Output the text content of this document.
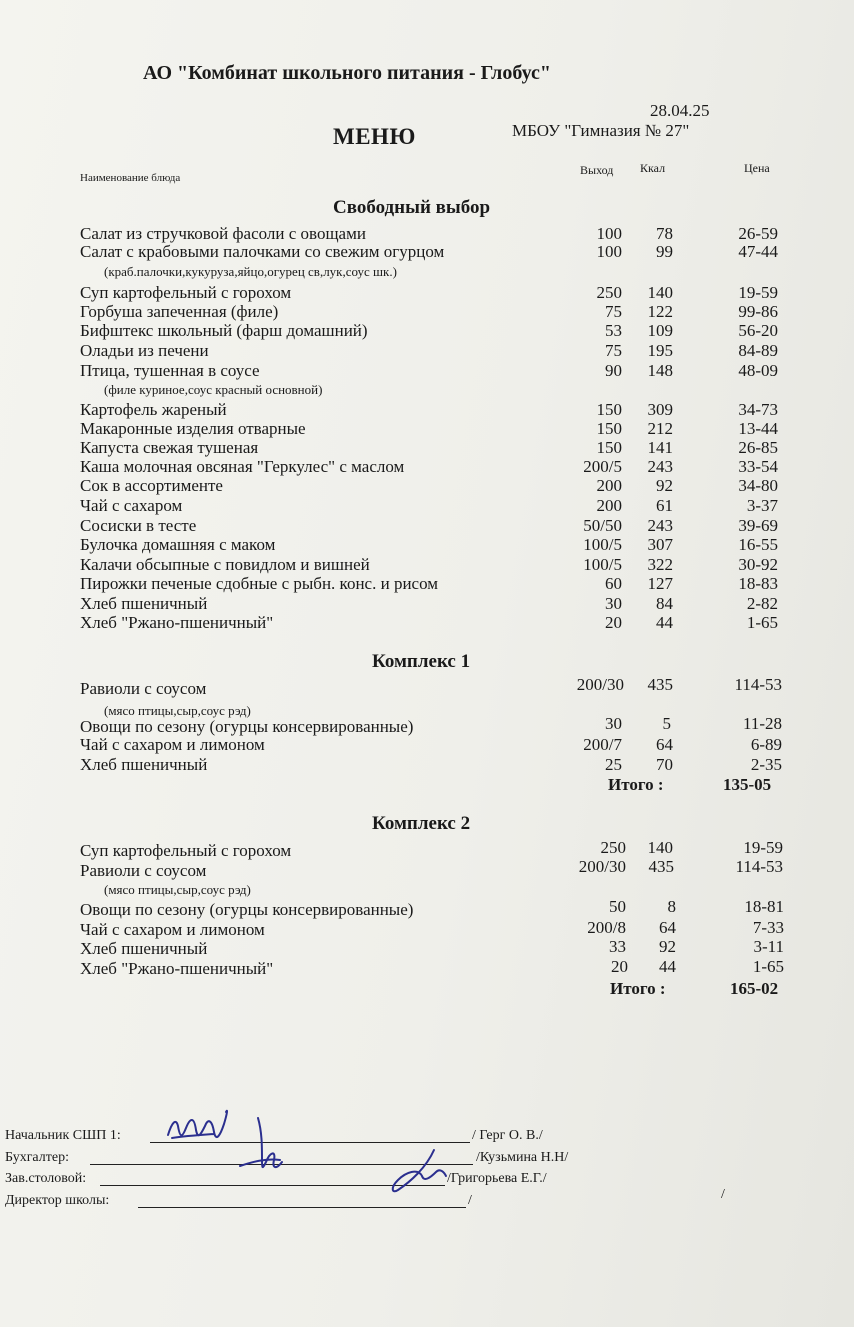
АО "Комбинат школьного питания - Глобус"
28.04.25
МЕНЮ	МБОУ "Гимназия № 27"
Наименование блюда
Выход Ккал	Цена
Свободный выбор
Салат из стручковой фасоли с овощами	100 78	26-59
Салат с крабовыми палочками со свежим огурцом	100 99	47-44
(краб.палочки,кукуруза,яйцо,огурец св,лук,соус шк.)
Суп картофельный с горохом	250 140	19-59
Горбуша запеченная (филе)	75 122	99-86
Бифштекс школьный (фарш домашний)	53 109	56-20
Оладьи из печени	75 195	84-89
Птица, тушенная в соусе	90 148	48-09
(филе куриное,соус красный основной)
Картофель жареный	150 309	34-73
Макаронные изделия отварные	150 212	13-44
Капуста свежая тушеная	150 141	26-85
Каша молочная овсяная "Геркулес" с маслом	200/5 243	33-54
Сок в ассортименте	200 92	34-80
Чай с сахаром	200 61	3-37
Сосиски в тесте	50/50 243	39-69
Булочка домашняя с маком	100/5 307	16-55
Калачи обсыпные с повидлом и вишней	100/5 322	30-92
Пирожки печеные сдобные с рыбн. конс. и рисом	60 127	18-83
Хлеб пшеничный	30 84	2-82
Хлеб "Ржано-пшеничный"	20 44	1-65
Комплекс 1
Равиоли с соусом	200/30 435	114-53
(мясо птицы,сыр,соус рэд)
Овощи по сезону (огурцы консервированные)	30 5	11-28
Чай с сахаром и лимоном	200/7 64	6-89
Хлеб пшеничный	25 70	2-35
Итого :	135-05
Комплекс 2
Суп картофельный с горохом	250 140	19-59
Равиоли с соусом	200/30 435	114-53
(мясо птицы,сыр,соус рэд)
Овощи по сезону (огурцы консервированные)	50 8	18-81
Чай с сахаром и лимоном	200/8 64	7-33
Хлеб пшеничный	33 92	3-11
Хлеб "Ржано-пшеничный"	20 44	1-65
Итого :	165-02
Начальник СШП 1:	/ Герг О. В./
Бухгалтер:	/Кузьмина Н.Н/
Зав.столовой:	/Григорьева Е.Г./
Директор школы:	/	/
